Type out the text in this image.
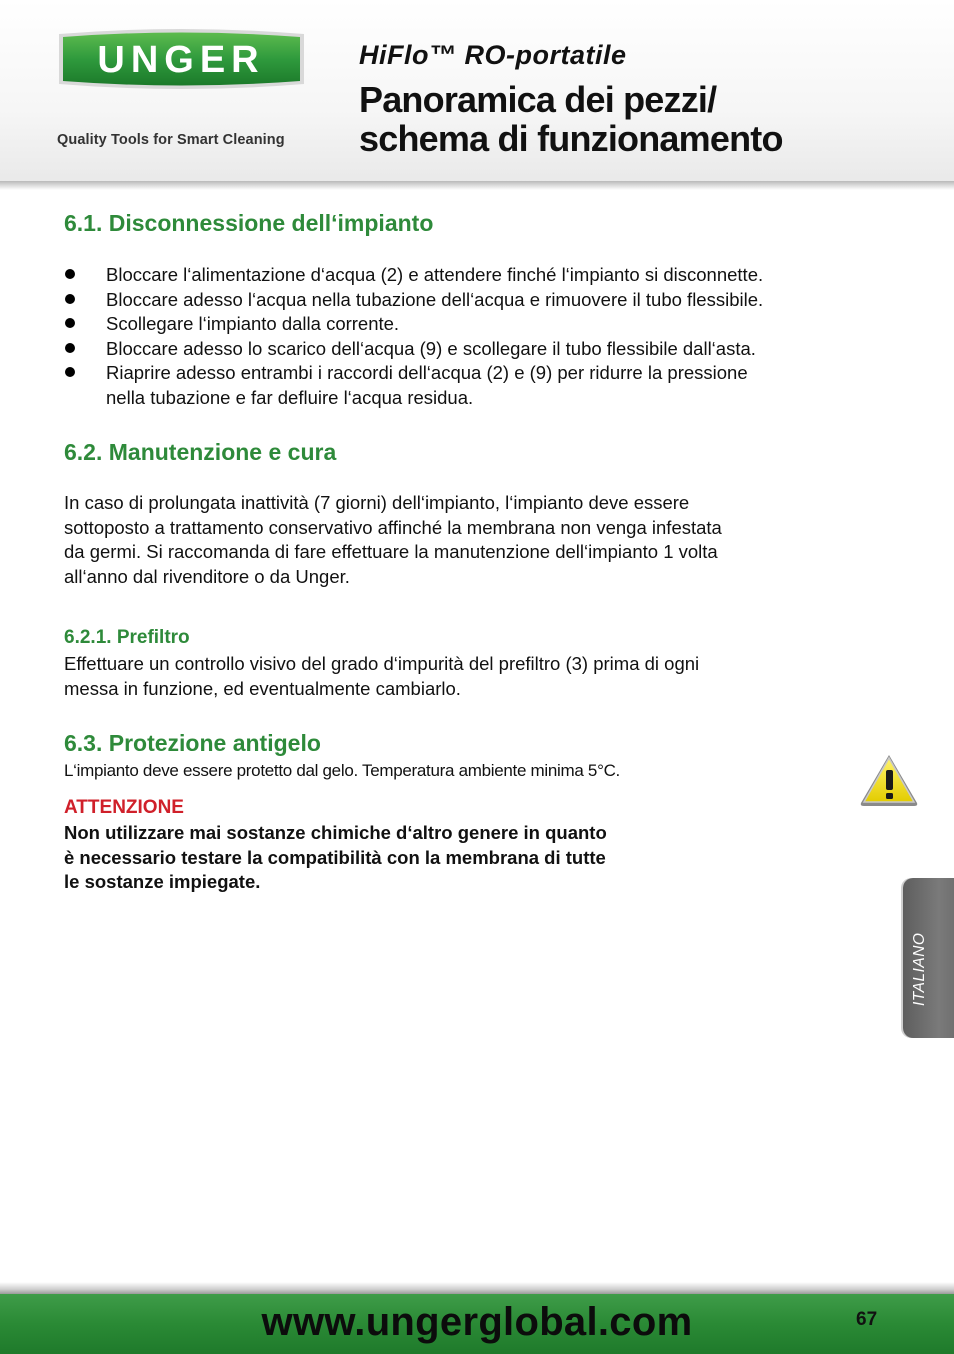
UNGER
Quality Tools for Smart Cleaning
HiFlo™ RO-portatile
Panoramica dei pezzi/
schema di funzionamento
6.1. Disconnessione dell‘impianto
Bloccare l‘alimentazione d‘acqua (2) e attendere finché l‘impianto si disconnette.
Bloccare adesso l‘acqua nella tubazione dell‘acqua e rimuovere il tubo flessibile.
Scollegare l‘impianto dalla corrente.
Bloccare adesso lo scarico dell‘acqua (9) e scollegare il tubo flessibile dall‘asta.
Riaprire adesso entrambi i raccordi dell‘acqua (2) e (9) per ridurre la pressione
nella tubazione e far defluire l‘acqua residua.
6.2. Manutenzione e cura
In caso di prolungata inattività (7 giorni) dell‘impianto, l‘impianto deve essere
sottoposto a trattamento conservativo affinché la membrana non venga infestata
da germi. Si raccomanda di fare effettuare la manutenzione dell‘impianto 1 volta
all‘anno dal rivenditore o da Unger.
6.2.1. Prefiltro
Effettuare un controllo visivo del grado d‘impurità del prefiltro (3) prima di ogni
messa in funzione, ed eventualmente cambiarlo.
6.3. Protezione antigelo
L‘impianto deve essere protetto dal gelo. Temperatura ambiente minima 5°C.
ATTENZIONE
Non utilizzare mai sostanze chimiche d‘altro genere in quanto
è necessario testare la compatibilità con la membrana di tutte
le sostanze impiegate.
ITALIANO
www.ungerglobal.com	67
